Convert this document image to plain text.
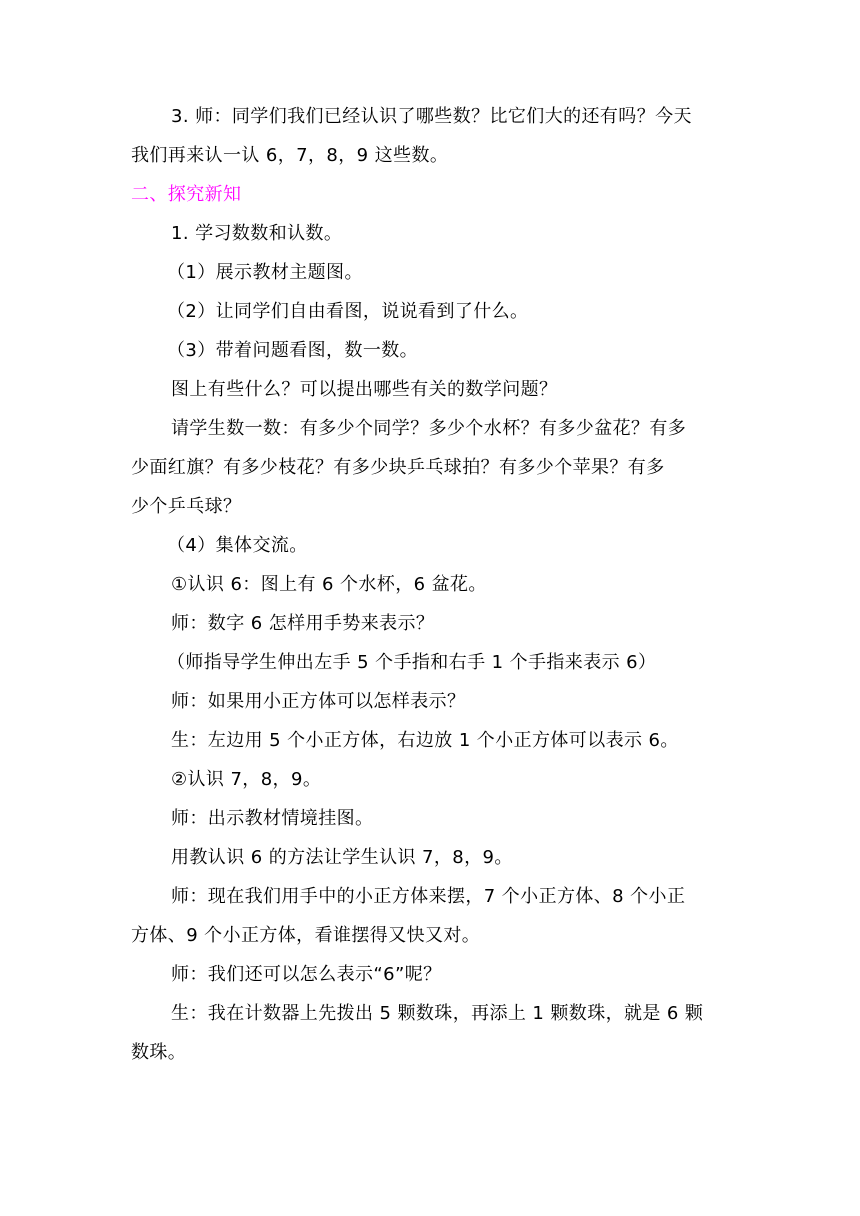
3. 师：同学们我们已经认识了哪些数？比它们大的还有吗？今天
我们再来认一认 6，7，8，9 这些数。
二、探究新知
1. 学习数数和认数。
（1）展示教材主题图。
（2）让同学们自由看图，说说看到了什么。
（3）带着问题看图，数一数。
图上有些什么？可以提出哪些有关的数学问题？
请学生数一数：有多少个同学？多少个水杯？有多少盆花？有多
少面红旗？有多少枝花？有多少块乒乓球拍？有多少个苹果？有多
少个乒乓球？
（4）集体交流。
①认识 6：图上有 6 个水杯，6 盆花。
师：数字 6 怎样用手势来表示？
（师指导学生伸出左手 5 个手指和右手 1 个手指来表示 6）
师：如果用小正方体可以怎样表示？
生：左边用 5 个小正方体，右边放 1 个小正方体可以表示 6。
②认识 7，8，9。
师：出示教材情境挂图。
用教认识 6 的方法让学生认识 7，8，9。
师：现在我们用手中的小正方体来摆，7 个小正方体、8 个小正
方体、9 个小正方体，看谁摆得又快又对。
师：我们还可以怎么表示“6”呢？
生：我在计数器上先拨出 5 颗数珠，再添上 1 颗数珠，就是 6 颗
数珠。
